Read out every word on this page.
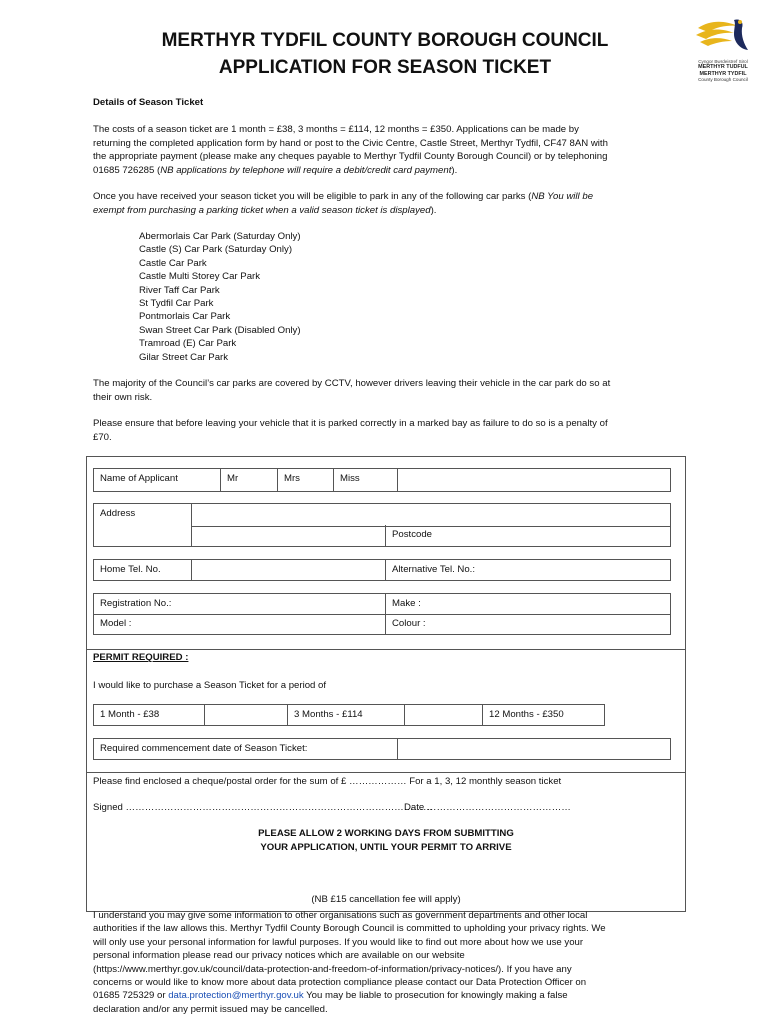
MERTHYR TYDFIL COUNTY BOROUGH COUNCIL
APPLICATION FOR SEASON TICKET	Cyngor Bwrdeistref Sirol
MERTHYR TUDFUL
MERTHYR TYDFIL
County Borough Council
Details of Season Ticket
The costs of a season ticket are 1 month = £38, 3 months = £114, 12 months = £350. Applications can be made by
returning the completed application form by hand or post to the Civic Centre, Castle Street, Merthyr Tydfil, CF47 8AN with
the appropriate payment (please make any cheques payable to Merthyr Tydfil County Borough Council) or by telephoning
01685 726285 (NB applications by telephone will require a debit/credit card payment).
Once you have received your season ticket you will be eligible to park in any of the following car parks (NB You will be
exempt from purchasing a parking ticket when a valid season ticket is displayed).
Abermorlais Car Park (Saturday Only)
Castle (S) Car Park (Saturday Only)
Castle Car Park
Castle Multi Storey Car Park
River Taff Car Park
St Tydfil Car Park
Pontmorlais Car Park
Swan Street Car Park (Disabled Only)
Tramroad (E) Car Park
Gilar Street Car Park
The majority of the Council’s car parks are covered by CCTV, however drivers leaving their vehicle in the car park do so at
their own risk.
Please ensure that before leaving your vehicle that it is parked correctly in a marked bay as failure to do so is a penalty of
£70.
Name of Applicant	Mr	Mrs	Miss
Address
Postcode
Home Tel. No.	Alternative Tel. No.:
Registration No.:	Make :
Model :	Colour :
PERMIT REQUIRED :
I would like to purchase a Season Ticket for a period of
1 Month - £38	3 Months - £114	12 Months - £350
Required commencement date of Season Ticket:
Please find enclosed a cheque/postal order for the sum of £ ……………… For a 1, 3, 12 monthly season ticket
Signed ……………………………………………………………………………………
Date ………………………………………
PLEASE ALLOW 2 WORKING DAYS FROM SUBMITTING
YOUR APPLICATION, UNTIL YOUR PERMIT TO ARRIVE
(NB £15 cancellation fee will apply)
I understand you may give some information to other organisations such as government departments and other local
authorities if the law allows this. Merthyr Tydfil County Borough Council is committed to upholding your privacy rights. We
will only use your personal information for lawful purposes. If you would like to find out more about how we use your
personal information please read our privacy notices which are available on our website
(https://www.merthyr.gov.uk/council/data-protection-and-freedom-of-information/privacy-notices/). If you have any
concerns or would like to know more about data protection compliance please contact our Data Protection Officer on
01685 725329 or data.protection@merthyr.gov.uk You may be liable to prosecution for knowingly making a false
declaration and/or any permit issued may be cancelled.
